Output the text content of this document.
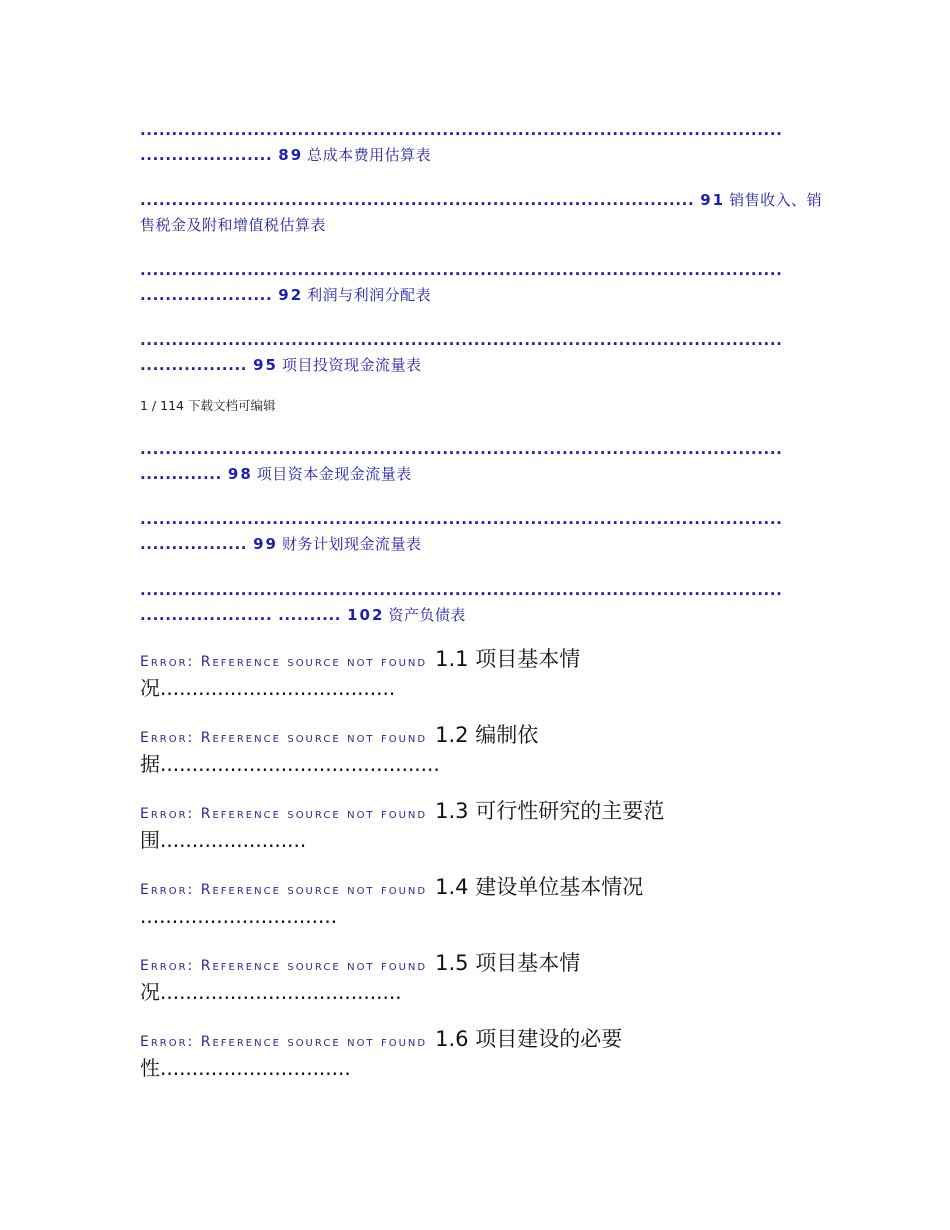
......................................................................................................
..................... 89 总成本费用估算表
........................................................................................ 91 销售收入、销
售税金及附和增值税估算表
......................................................................................................
..................... 92 利润与利润分配表
......................................................................................................
................. 95 项目投资现金流量表
1 / 114 下载文档可编辑
......................................................................................................
............. 98 项目资本金现金流量表
......................................................................................................
................. 99 财务计划现金流量表
......................................................................................................
..................... .......... 102 资产负债表
Error: Reference source not found 1.1 项目基本情
况.....................................
Error: Reference source not found 1.2 编制依
据............................................
Error: Reference source not found 1.3 可行性研究的主要范
围.......................
Error: Reference source not found 1.4 建设单位基本情况
...............................
Error: Reference source not found 1.5 项目基本情
况......................................
Error: Reference source not found 1.6 项目建设的必要
性..............................
